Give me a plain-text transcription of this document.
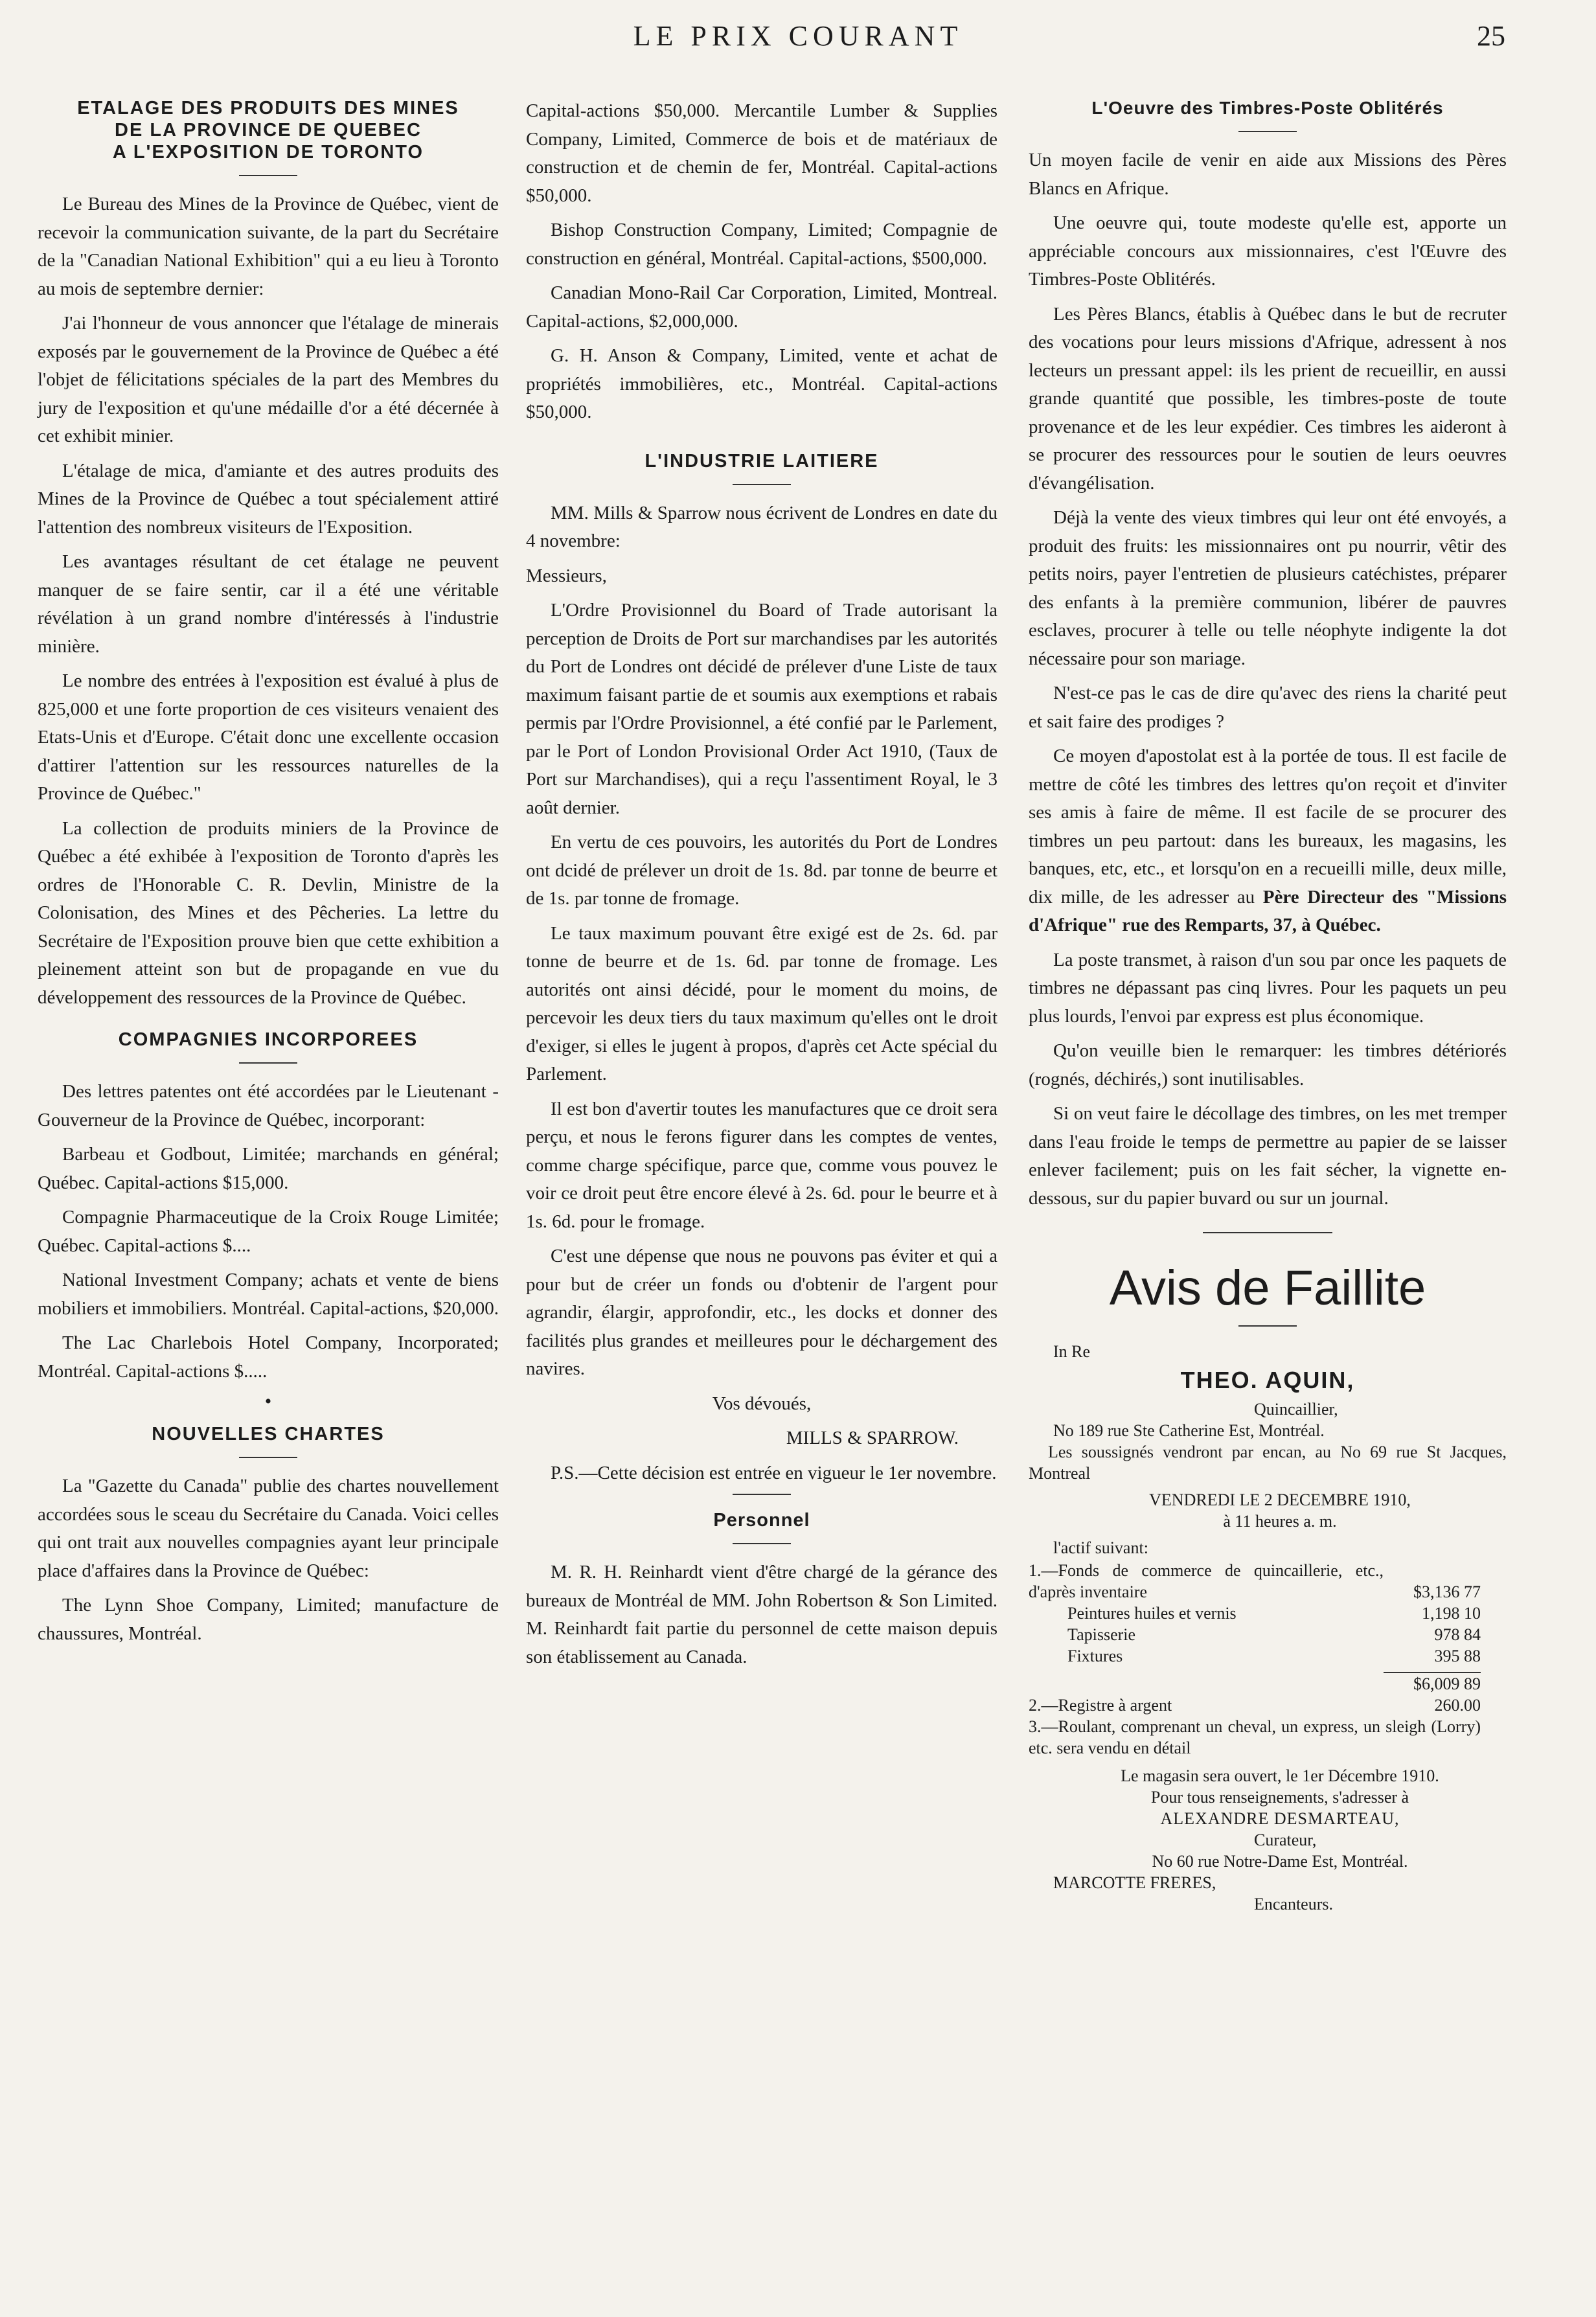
LE PRIX COURANT	25
ETALAGE DES PRODUITS DES MINES
DE LA PROVINCE DE QUEBEC
A L'EXPOSITION DE TORONTO

Le Bureau des Mines de la Province de Québec, vient de recevoir la communication suivante, de la part du Secrétaire de la "Canadian National Exhibition" qui a eu lieu à Toronto au mois de septembre dernier:

J'ai l'honneur de vous annoncer que l'étalage de minerais exposés par le gouvernement de la Province de Québec a été l'objet de félicitations spéciales de la part des Membres du jury de l'exposition et qu'une médaille d'or a été décernée à cet exhibit minier.

L'étalage de mica, d'amiante et des autres produits des Mines de la Province de Québec a tout spécialement attiré l'attention des nombreux visiteurs de l'Exposition.

Les avantages résultant de cet étalage ne peuvent manquer de se faire sentir, car il a été une véritable révélation à un grand nombre d'intéressés à l'industrie minière.

Le nombre des entrées à l'exposition est évalué à plus de 825,000 et une forte proportion de ces visiteurs venaient des Etats-Unis et d'Europe. C'était donc une excellente occasion d'attirer l'attention sur les ressources naturelles de la Province de Québec."

La collection de produits miniers de la Province de Québec a été exhibée à l'exposition de Toronto d'après les ordres de l'Honorable C. R. Devlin, Ministre de la Colonisation, des Mines et des Pêcheries. La lettre du Secrétaire de l'Exposition prouve bien que cette exhibition a pleinement atteint son but de propagande en vue du développement des ressources de la Province de Québec.

COMPAGNIES INCORPOREES

Des lettres patentes ont été accordées par le Lieutenant - Gouverneur de la Province de Québec, incorporant:

Barbeau et Godbout, Limitée; marchands en général; Québec. Capital-actions $15,000.

Compagnie Pharmaceutique de la Croix Rouge Limitée; Québec. Capital-actions $....

National Investment Company; achats et vente de biens mobiliers et immobiliers. Montréal. Capital-actions, $20,000.

The Lac Charlebois Hotel Company, Incorporated; Montréal. Capital-actions $.....

•
NOUVELLES CHARTES

La "Gazette du Canada" publie des chartes nouvellement accordées sous le sceau du Secrétaire du Canada. Voici celles qui ont trait aux nouvelles compagnies ayant leur principale place d'affaires dans la Province de Québec:

The Lynn Shoe Company, Limited; manufacture de chaussures, Montréal.

Capital-actions $50,000. Mercantile Lumber & Supplies Company, Limited, Commerce de bois et de matériaux de construction et de chemin de fer, Montréal. Capital-actions $50,000.

Bishop Construction Company, Limited; Compagnie de construction en général, Montréal. Capital-actions, $500,000.

Canadian Mono-Rail Car Corporation, Limited, Montreal. Capital-actions, $2,000,000.

G. H. Anson & Company, Limited, vente et achat de propriétés immobilières, etc., Montréal. Capital-actions $50,000.

L'INDUSTRIE LAITIERE

MM. Mills & Sparrow nous écrivent de Londres en date du 4 novembre:

Messieurs,

L'Ordre Provisionnel du Board of Trade autorisant la perception de Droits de Port sur marchandises par les autorités du Port de Londres ont décidé de prélever d'une Liste de taux maximum faisant partie de et soumis aux exemptions et rabais permis par l'Ordre Provisionnel, a été confié par le Parlement, par le Port of London Provisional Order Act 1910, (Taux de Port sur Marchandises), qui a reçu l'assentiment Royal, le 3 août dernier.

En vertu de ces pouvoirs, les autorités du Port de Londres ont dcidé de prélever un droit de 1s. 8d. par tonne de beurre et de 1s. par tonne de fromage.

Le taux maximum pouvant être exigé est de 2s. 6d. par tonne de beurre et de 1s. 6d. par tonne de fromage. Les autorités ont ainsi décidé, pour le moment du moins, de percevoir les deux tiers du taux maximum qu'elles ont le droit d'exiger, si elles le jugent à propos, d'après cet Acte spécial du Parlement.

Il est bon d'avertir toutes les manufactures que ce droit sera perçu, et nous le ferons figurer dans les comptes de ventes, comme charge spécifique, parce que, comme vous pouvez le voir ce droit peut être encore élevé à 2s. 6d. pour le beurre et à 1s. 6d. pour le fromage.

C'est une dépense que nous ne pouvons pas éviter et qui a pour but de créer un fonds ou d'obtenir de l'argent pour agrandir, élargir, approfondir, etc., les docks et donner des facilités plus grandes et meilleures pour le déchargement des navires.

Vos dévoués,

MILLS & SPARROW.

P.S.—Cette décision est entrée en vigueur le 1er novembre.

Personnel

M. R. H. Reinhardt vient d'être chargé de la gérance des bureaux de Montréal de MM. John Robertson & Son Limited. M. Reinhardt fait partie du personnel de cette maison depuis son établissement au Canada.

L'Oeuvre des Timbres-Poste Oblitérés

Un moyen facile de venir en aide aux Missions des Pères Blancs en Afrique.

Une oeuvre qui, toute modeste qu'elle est, apporte un appréciable concours aux missionnaires, c'est l'Œuvre des Timbres-Poste Oblitérés.

Les Pères Blancs, établis à Québec dans le but de recruter des vocations pour leurs missions d'Afrique, adressent à nos lecteurs un pressant appel: ils les prient de recueillir, en aussi grande quantité que possible, les timbres-poste de toute provenance et de les leur expédier. Ces timbres les aideront à se procurer des ressources pour le soutien de leurs oeuvres d'évangélisation.

Déjà la vente des vieux timbres qui leur ont été envoyés, a produit des fruits: les missionnaires ont pu nourrir, vêtir des petits noirs, payer l'entretien de plusieurs catéchistes, préparer des enfants à la première communion, libérer de pauvres esclaves, procurer à telle ou telle néophyte indigente la dot nécessaire pour son mariage.

N'est-ce pas le cas de dire qu'avec des riens la charité peut et sait faire des prodiges ?

Ce moyen d'apostolat est à la portée de tous. Il est facile de mettre de côté les timbres des lettres qu'on reçoit et d'inviter ses amis à faire de même. Il est facile de se procurer des timbres un peu partout: dans les bureaux, les magasins, les banques, etc, etc., et lorsqu'on en a recueilli mille, deux mille, dix mille, de les adresser au Père Directeur des "Missions d'Afrique" rue des Remparts, 37, à Québec.

La poste transmet, à raison d'un sou par once les paquets de timbres ne dépassant pas cinq livres. Pour les paquets un peu plus lourds, l'envoi par express est plus économique.

Qu'on veuille bien le remarquer: les timbres détériorés (rognés, déchirés,) sont inutilisables.

Si on veut faire le décollage des timbres, on les met tremper dans l'eau froide le temps de permettre au papier de se laisser enlever facilement; puis on les fait sécher, la vignette en-dessous, sur du papier buvard ou sur un journal.

Avis de Faillite

In Re

THEO. AQUIN,

Quincaillier,

No 189 rue Ste Catherine Est, Montréal.

Les soussignés vendront par encan, au No 69 rue St Jacques, Montreal

VENDREDI LE 2 DECEMBRE 1910,

à 11 heures a. m.

l'actif suivant:

1.—Fonds de commerce de quincaillerie, etc., d'après inventaire	$3,136 77
Peintures huiles et vernis	1,198 10
Tapisserie	978 84
Fixtures	395 88
$6,009 89
2.—Registre à argent	260.00
3.—Roulant, comprenant un cheval, un express, un sleigh (Lorry) etc. sera vendu en détail

Le magasin sera ouvert, le 1er Décembre 1910.

Pour tous renseignements, s'adresser à

ALEXANDRE DESMARTEAU,

Curateur,

No 60 rue Notre-Dame Est, Montréal.

MARCOTTE FRERES,

Encanteurs.
